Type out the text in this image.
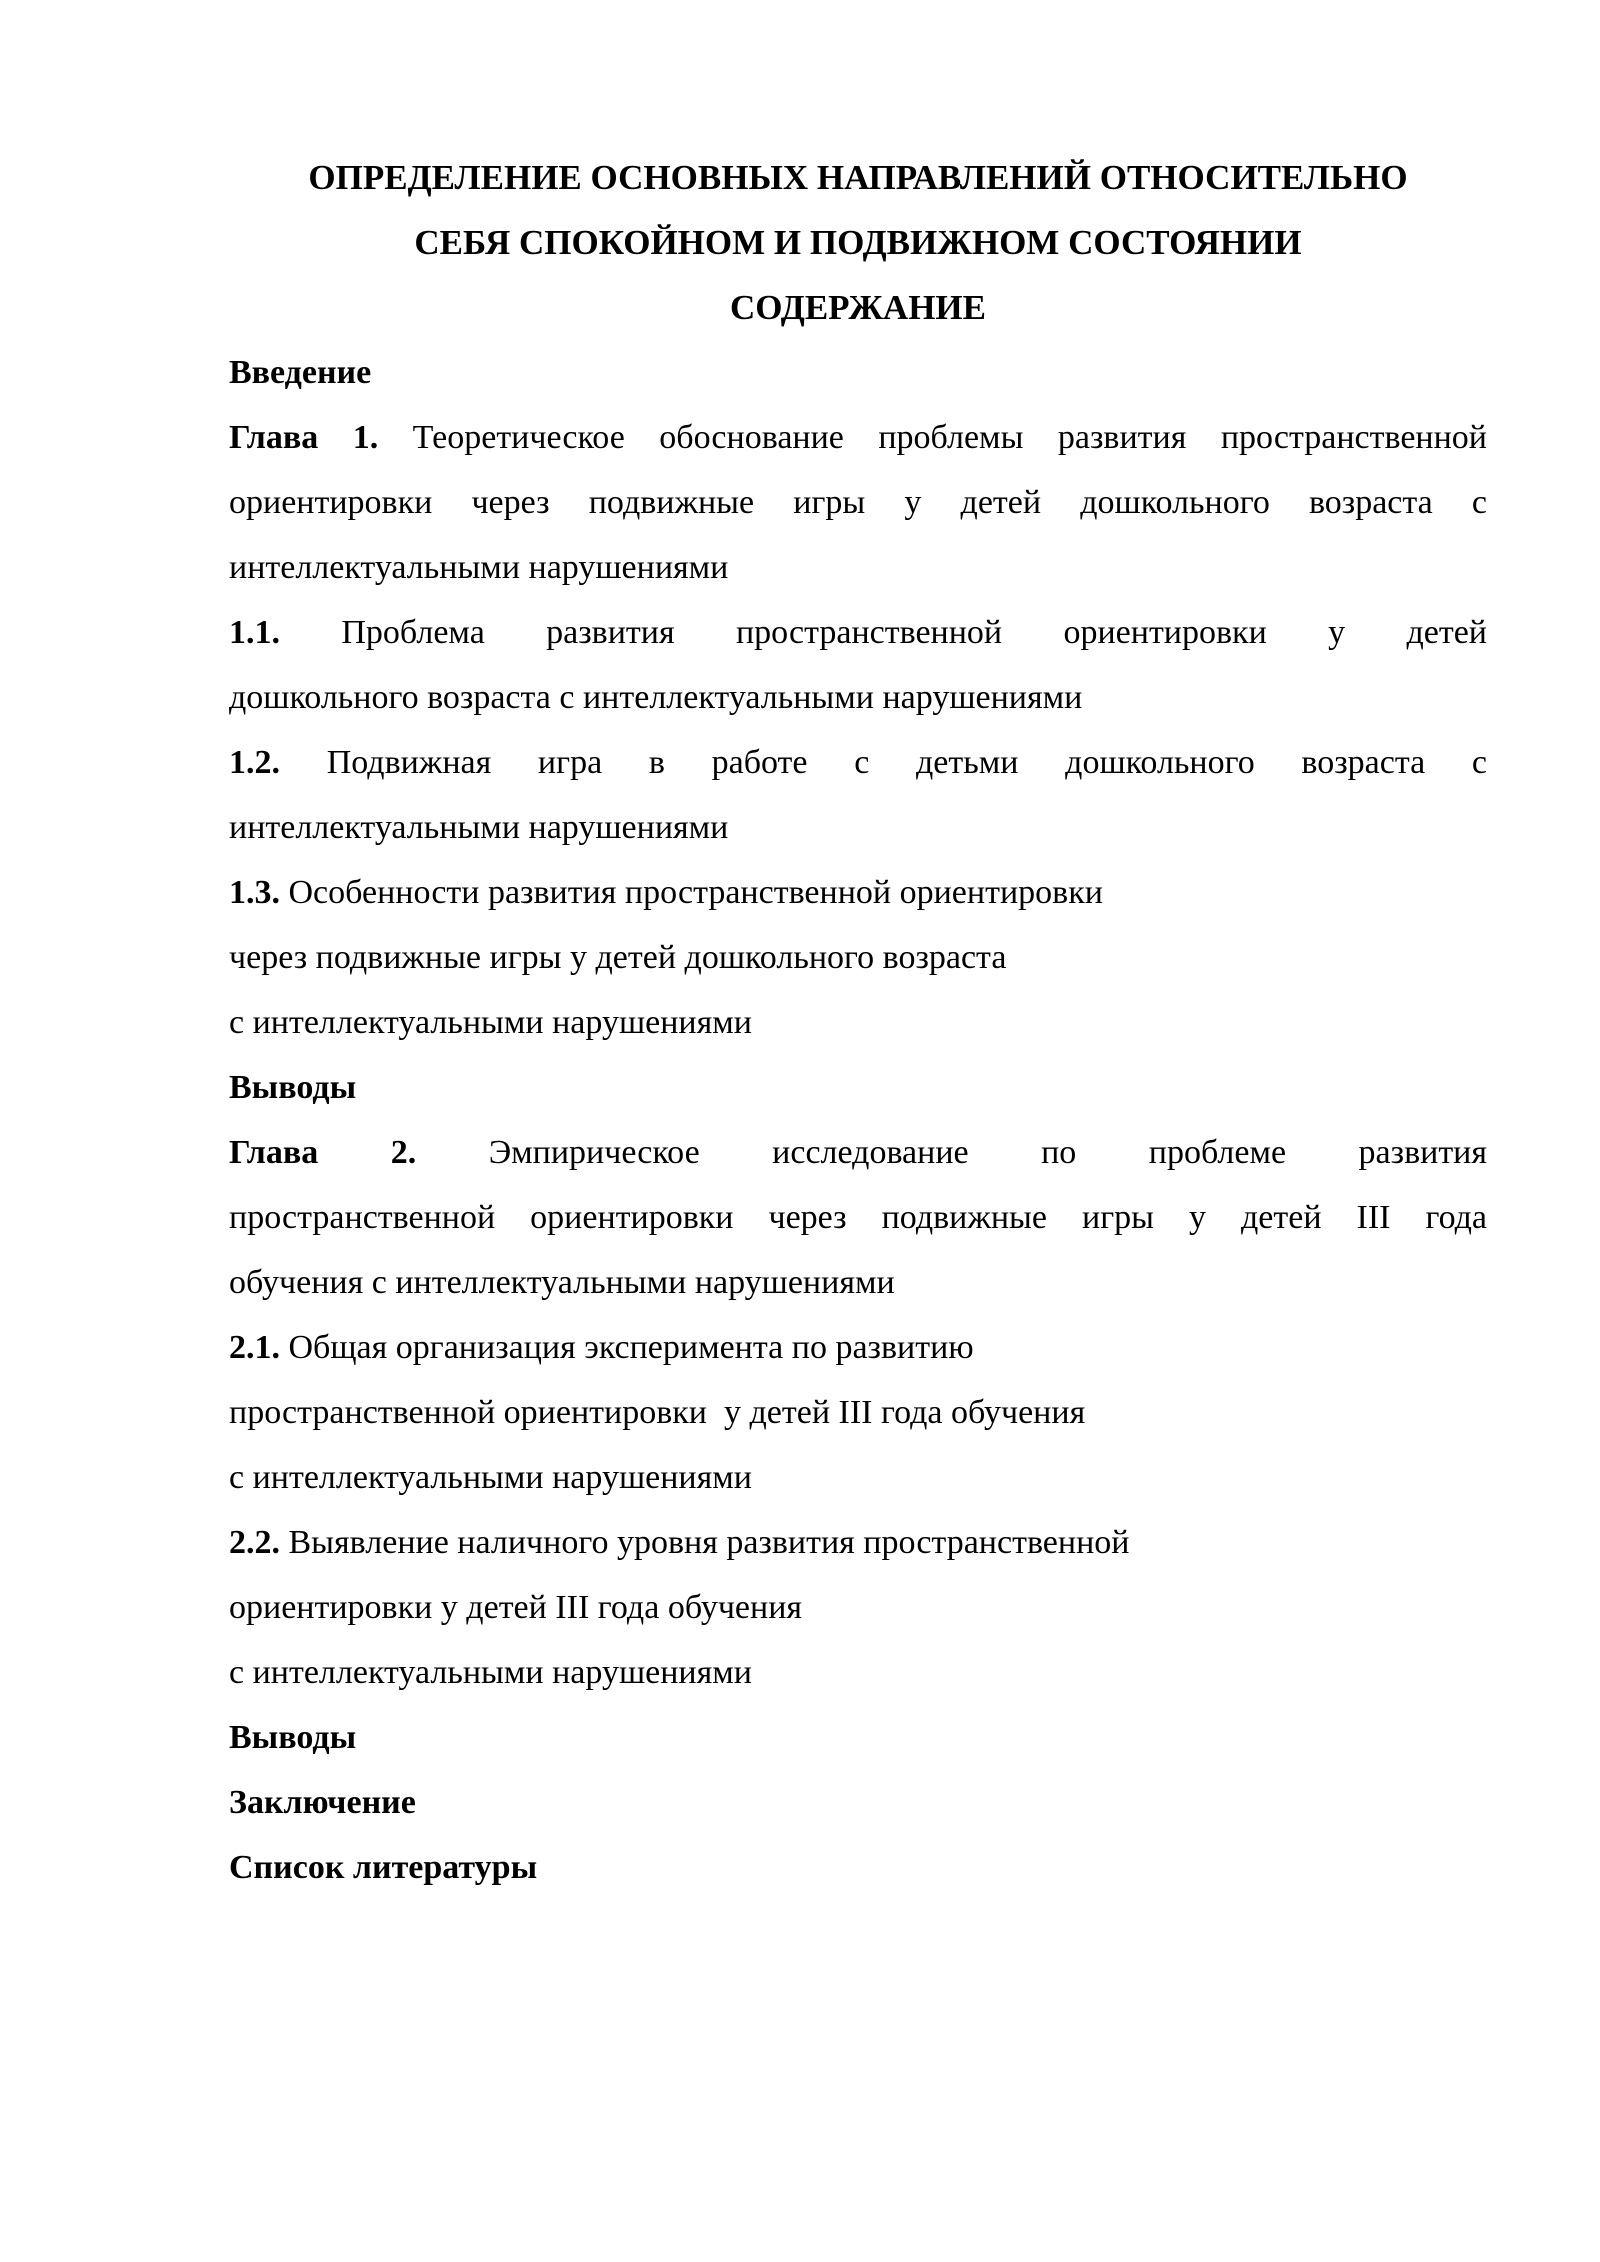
ОПРЕДЕЛЕНИЕ ОСНОВНЫХ НАПРАВЛЕНИЙ ОТНОСИТЕЛЬНО
СЕБЯ СПОКОЙНОМ И ПОДВИЖНОМ СОСТОЯНИИ
СОДЕРЖАНИЕ
Введение
Глава 1. Теоретическое обоснование проблемы развития пространственной
ориентировки через подвижные игры у детей дошкольного возраста с
интеллектуальными нарушениями
1.1. Проблема развития пространственной ориентировки у детей
дошкольного возраста с интеллектуальными нарушениями
1.2. Подвижная игра в работе с детьми дошкольного возраста с
интеллектуальными нарушениями
1.3. Особенности развития пространственной ориентировки
через подвижные игры у детей дошкольного возраста
с интеллектуальными нарушениями
Выводы
Глава 2. Эмпирическое исследование по проблеме развития
пространственной ориентировки через подвижные игры у детей III года
обучения с интеллектуальными нарушениями
2.1. Общая организация эксперимента по развитию
пространственной ориентировки  у детей III года обучения
с интеллектуальными нарушениями
2.2. Выявление наличного уровня развития пространственной
ориентировки у детей III года обучения
с интеллектуальными нарушениями
Выводы
Заключение
Список литературы
